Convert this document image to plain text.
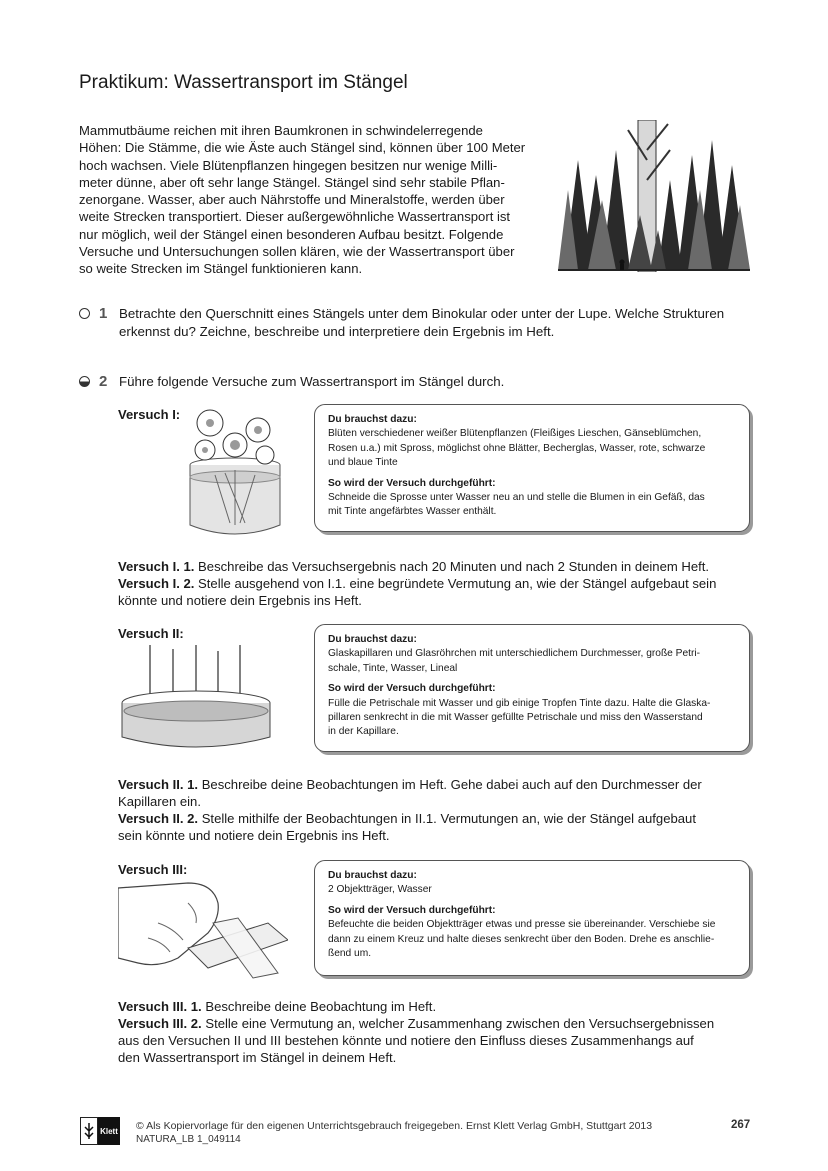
Praktikum: Wassertransport im Stängel
Mammutbäume reichen mit ihren Baumkronen in schwindelerregende
Höhen: Die Stämme, die wie Äste auch Stängel sind, können über 100 Meter
hoch wachsen. Viele Blütenpflanzen hingegen besitzen nur wenige Milli-
meter dünne, aber oft sehr lange Stängel. Stängel sind sehr stabile Pflan-
zenorgane. Wasser, aber auch Nährstoffe und Mineralstoffe, werden über
weite Strecken transportiert. Dieser außergewöhnliche Wassertransport ist
nur möglich, weil der Stängel einen besonderen Aufbau besitzt. Folgende
Versuche und Untersuchungen sollen klären, wie der Wassertransport über
so weite Strecken im Stängel funktionieren kann.
1 Betrachte den Querschnitt eines Stängels unter dem Binokular oder unter der Lupe. Welche Strukturen
erkennst du? Zeichne, beschreibe und interpretiere dein Ergebnis im Heft.
2 Führe folgende Versuche zum Wassertransport im Stängel durch.
Versuch I:	Du brauchst dazu:
Blüten verschiedener weißer Blütenpflanzen (Fleißiges Lieschen, Gänseblümchen,
Rosen u.a.) mit Spross, möglichst ohne Blätter, Becherglas, Wasser, rote, schwarze
und blaue Tinte
So wird der Versuch durchgeführt:
Schneide die Sprosse unter Wasser neu an und stelle die Blumen in ein Gefäß, das
mit Tinte angefärbtes Wasser enthält.
Versuch I. 1. Beschreibe das Versuchsergebnis nach 20 Minuten und nach 2 Stunden in deinem Heft.
Versuch I. 2. Stelle ausgehend von I.1. eine begründete Vermutung an, wie der Stängel aufgebaut sein
könnte und notiere dein Ergebnis ins Heft.
Versuch II:	Du brauchst dazu:
Glaskapillaren und Glasröhrchen mit unterschiedlichem Durchmesser, große Petri-
schale, Tinte, Wasser, Lineal
So wird der Versuch durchgeführt:
Fülle die Petrischale mit Wasser und gib einige Tropfen Tinte dazu. Halte die Glaska-
pillaren senkrecht in die mit Wasser gefüllte Petrischale und miss den Wasserstand
in der Kapillare.
Versuch II. 1. Beschreibe deine Beobachtungen im Heft. Gehe dabei auch auf den Durchmesser der
Kapillaren ein.
Versuch II. 2. Stelle mithilfe der Beobachtungen in II.1. Vermutungen an, wie der Stängel aufgebaut
sein könnte und notiere dein Ergebnis ins Heft.
Versuch III:	Du brauchst dazu:
2 Objektträger, Wasser
So wird der Versuch durchgeführt:
Befeuchte die beiden Objektträger etwas und presse sie übereinander. Verschiebe sie
dann zu einem Kreuz und halte dieses senkrecht über den Boden. Drehe es anschlie-
ßend um.
Versuch III. 1. Beschreibe deine Beobachtung im Heft.
Versuch III. 2. Stelle eine Vermutung an, welcher Zusammenhang zwischen den Versuchsergebnissen
aus den Versuchen II und III bestehen könnte und notiere den Einfluss dieses Zusammenhangs auf
den Wassertransport im Stängel in deinem Heft.
Klett © Als Kopiervorlage für den eigenen Unterrichtsgebrauch freigegeben. Ernst Klett Verlag GmbH, Stuttgart 2013	267
NATURA_LB 1_049114
